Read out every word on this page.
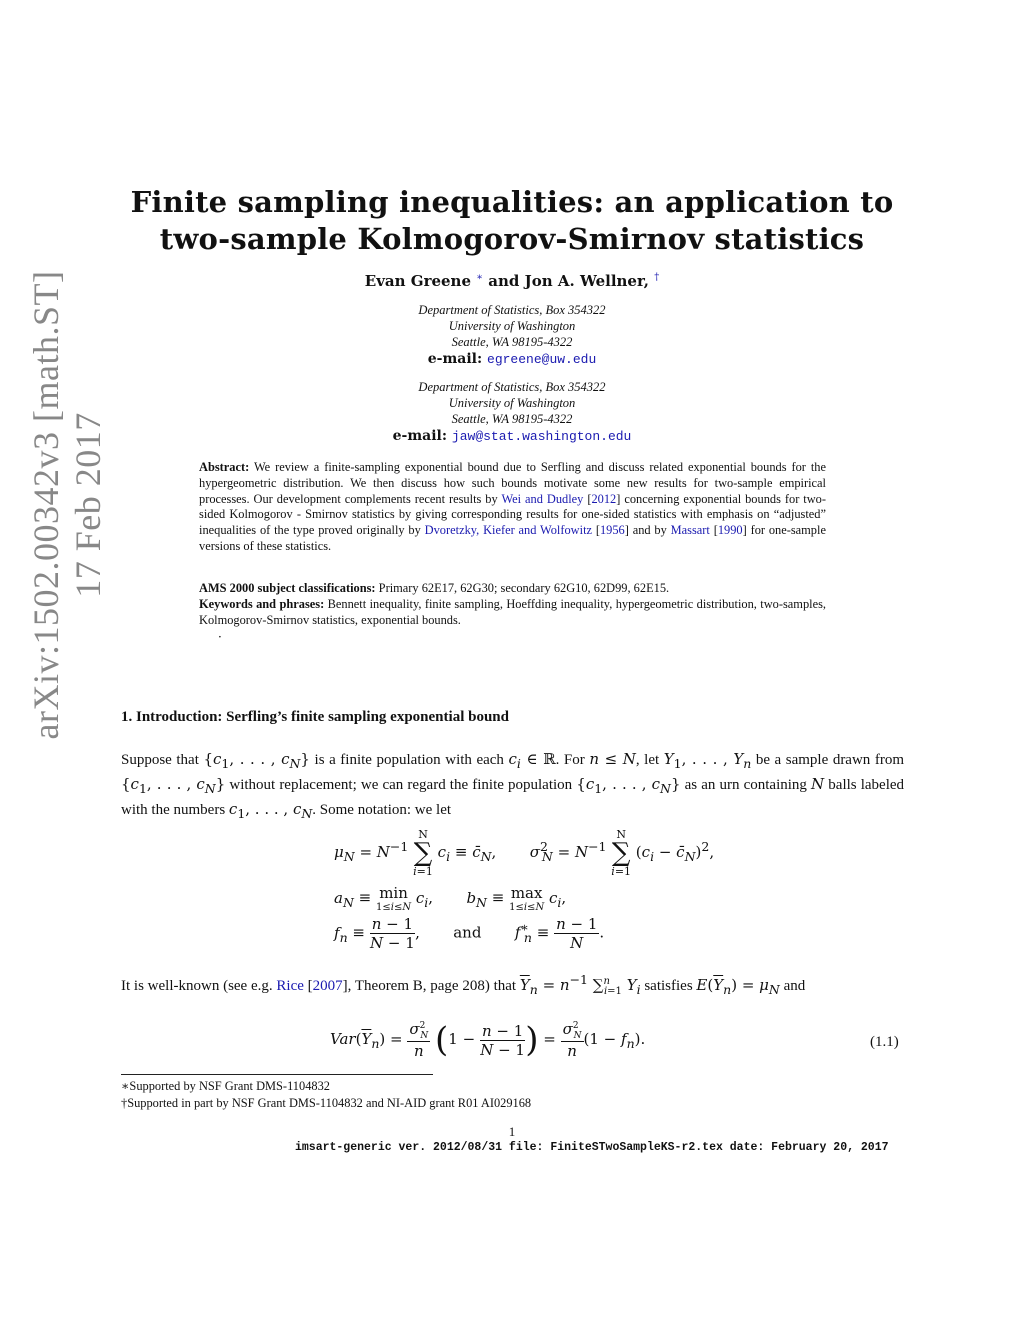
arXiv:1502.00342v3 [math.ST] 17 Feb 2017
Finite sampling inequalities: an application to
two-sample Kolmogorov-Smirnov statistics
Evan Greene ∗ and Jon A. Wellner, †
Department of Statistics, Box 354322
University of Washington
Seattle, WA 98195-4322
e-mail: egreene@uw.edu
Department of Statistics, Box 354322
University of Washington
Seattle, WA 98195-4322
e-mail: jaw@stat.washington.edu
Abstract: We review a finite-sampling exponential bound due to Serfling and discuss related exponential bounds for the hypergeometric distribution. We then discuss how such bounds motivate some new results for two-sample empirical processes. Our development complements recent results by Wei and Dudley [2012] concerning exponential bounds for two-sided Kolmogorov - Smirnov statistics by giving corresponding results for one-sided statistics with emphasis on “adjusted” inequalities of the type proved originally by Dvoretzky, Kiefer and Wolfowitz [1956] and by Massart [1990] for one-sample versions of these statistics.
AMS 2000 subject classifications: Primary 62E17, 62G30; secondary 62G10, 62D99, 62E15.
Keywords and phrases: Bennett inequality, finite sampling, Hoeffding inequality, hypergeometric distribution, two-samples, Kolmogorov-Smirnov statistics, exponential bounds.
·
1. Introduction: Serfling’s finite sampling exponential bound
Suppose that {$c_1$, . . . , $c_N$} is a finite population with each $c_i$ ∈ ℝ. For n ≤ N, let $Y_1$, . . . , $Y_n$ be a sample drawn from {$c_1$, . . . , $c_N$} without replacement; we can regard the finite population {$c_1$, . . . , $c_N$} as an urn containing N balls labeled with the numbers $c_1$, . . . , $c_N$. Some notation: we let
$\mu_N = N^{-1}$
N
∑
i=1
$c_i$ ≡ $c̄_N$,       $\sigma^2_N = N^{-1}$
N
∑
i=1
($c_i$ − $c̄_N)^2$,
$a_N \equiv \min$
1≤i≤N
$c_i$,       $b_N \equiv \max$
1≤i≤N
$c_i$,
$f_n \equiv \frac{n - 1}{N - 1}$ ,       and $f^∗_n \equiv \frac{n - 1}{N}$ .
It is well-known (see e.g. Rice [2007], Theorem B, page 208) that $\overline{Y}_n = n^{-1}$ ∑$^n_{i=1}$ $Y_i$ satisfies $E(\overline{Y}_n) = \mu_N$ and
$Var(\overline{Y}_n) = \frac{\sigma^2_N}{n} (1 - \frac{n - 1}{N - 1}$ ) = $\frac{\sigma^2_N}{n} (1 - f_n)$.	(1.1)
∗Supported by NSF Grant DMS-1104832
†Supported in part by NSF Grant DMS-1104832 and NI-AID grant R01 AI029168
1
imsart-generic ver. 2012/08/31 file: FiniteSTwoSampleKS-r2.tex date: February 20, 2017
